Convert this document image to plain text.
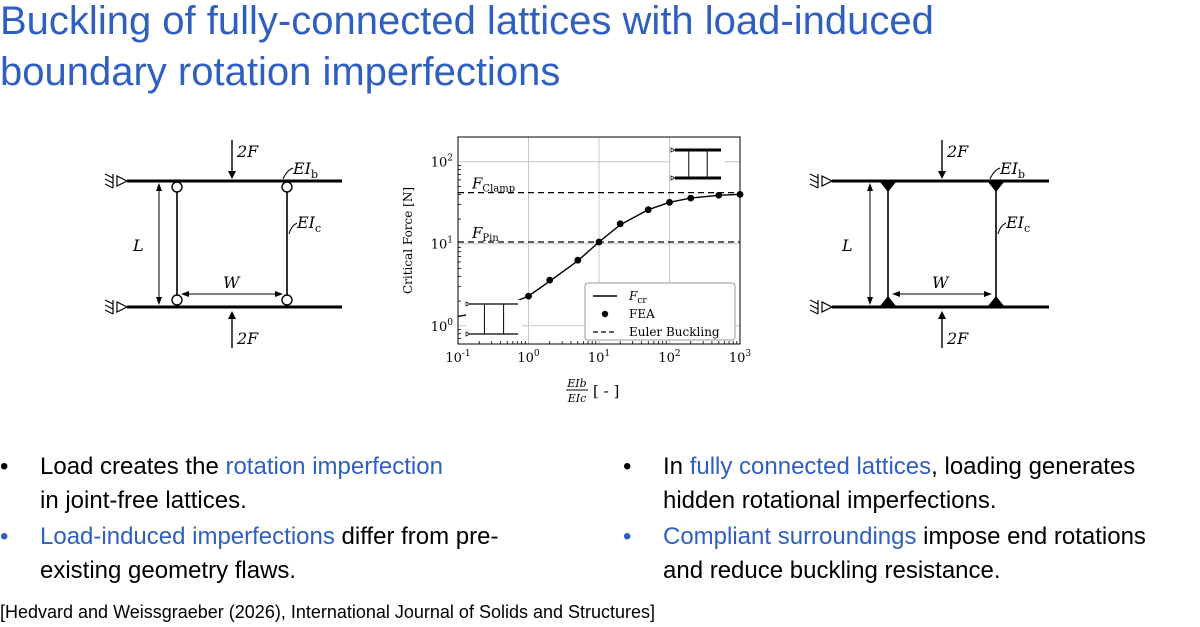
Buckling of fully-connected lattices with load-induced
boundary rotation imperfections
2F
2F
L
W
$EI_b$
$EI_c$
$10^{-1}$	$10^0$	$10^1$	$10^2$	$10^3$
$10^0$
$10^1$
$10^2$
Critical Force [N]
EIb
EIc [ - ]
$F_{Clamp}$
$F_{Pin}$
$F_{cr}$
FEA
Euler Buckling
2F
2F
L
W
$EI_b$
$EI_c$
•	Load creates the rotation imperfection
in joint-free lattices.
•	Load-induced imperfections differ from pre-
existing geometry flaws.
•	In fully connected lattices, loading generates
hidden rotational imperfections.
•	Compliant surroundings impose end rotations
and reduce buckling resistance.
[Hedvard and Weissgraeber (2026), International Journal of Solids and Structures]
